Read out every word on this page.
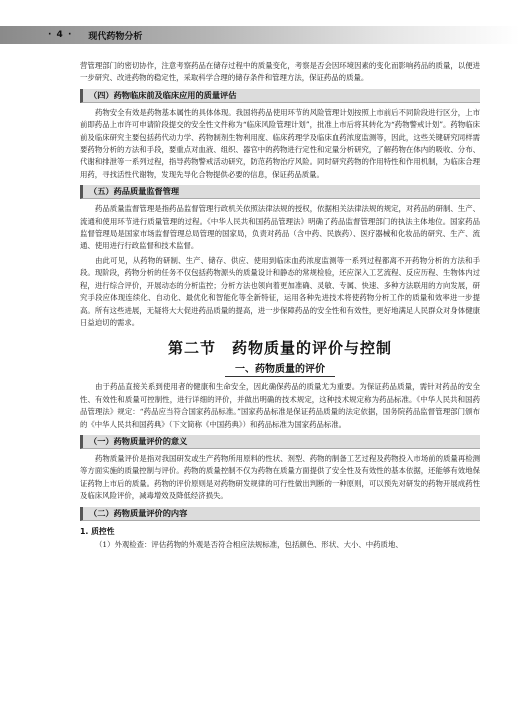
· 4 · 现代药物分析

营管理部门的密切协作，注意考察药品在储存过程中的质量变化，考察是否会因环境因素的变化而影响药品的质量，以便进一步研究、改进药物的稳定性，采取科学合理的储存条件和管理方法，保证药品的质量。

（四）药物临床前及临床应用的质量评估

药物安全有效是药物基本属性的具体体现。我国将药品使用环节的风险管理计划按照上市前后不同阶段进行区分，上市前即药品上市许可申请阶段提交的安全性文件称为“临床风险管理计划”，批准上市后将其转化为“药物警戒计划”。药物临床前及临床研究主要包括药代动力学、药物制剂生物利用度、临床药理学及临床血药浓度监测等，因此，这些关键研究同样需要药物分析的方法和手段，要重点对血液、组织、器官中的药物进行定性和定量分析研究，了解药物在体内的吸收、分布、代谢和排泄等一系列过程，指导药物警戒活动研究，防范药物治疗风险。同时研究药物的作用特性和作用机制，为临床合理用药，寻找活性代谢物，发现先导化合物提供必要的信息，保证药品质量。

（五）药品质量监督管理

药品质量监督管理是指药品监督管理行政机关依照法律法规的授权，依据相关法律法规的规定，对药品的研制、生产、流通和使用环节进行质量管理的过程。《中华人民共和国药品管理法》明确了药品监督管理部门的执法主体地位。国家药品监督管理局是国家市场监督管理总局管理的国家局，负责对药品（含中药、民族药）、医疗器械和化妆品的研究、生产、流通、使用进行行政监督和技术监督。

由此可见，从药物的研制、生产、储存、供应、使用到临床血药浓度监测等一系列过程都离不开药物分析的方法和手段。现阶段，药物分析的任务不仅包括药物源头的质量设计和静态的常规检验，还应深入工艺流程、反应历程、生物体内过程，进行综合评价，开展动态的分析监控；分析方法也领向着更加准确、灵敏、专属、快速、多种方法联用的方向发展，研究手段应体现连续化、自动化、最优化和智能化等全新特征，运用各种先进技术将使药物分析工作的质量和效率进一步提高。所有这些进展，无疑将大大促进药品质量的提高，进一步保障药品的安全性和有效性，更好地满足人民群众对身体健康日益迫切的需求。

第二节 药物质量的评价与控制
一、药物质量的评价

由于药品直接关系到使用者的健康和生命安全，因此确保药品的质量尤为重要。为保证药品质量，需针对药品的安全性、有效性和质量可控制性，进行详细的评价，并做出明确的技术规定，这种技术规定称为药品标准。《中华人民共和国药品管理法》规定：“药品应当符合国家药品标准。”国家药品标准是保证药品质量的法定依据，国务院药品监督管理部门颁布的《中华人民共和国药典》（下文简称《中国药典》）和药品标准为国家药品标准。

（一）药物质量评价的意义

药物质量评价是指对我国研发或生产药物所用原料的性状、剂型、药物的制备工艺过程及药物投入市场前的质量再检测等方面实施的质量控制与评价。药物的质量控制不仅为药物在质量方面提供了安全性及有效性的基本依据，还能够有效地保证药物上市后的质量。药物的评价原则是对药物研发规律的可行性做出判断的一种原则，可以预先对研发的药物开展成药性及临床风险评价，减毒增效及降低经济损失。

（二）药物质量评价的内容
1. 质控性

（1）外观检查：评估药物的外观是否符合相应法规标准，包括颜色、形状、大小、中药质地、
